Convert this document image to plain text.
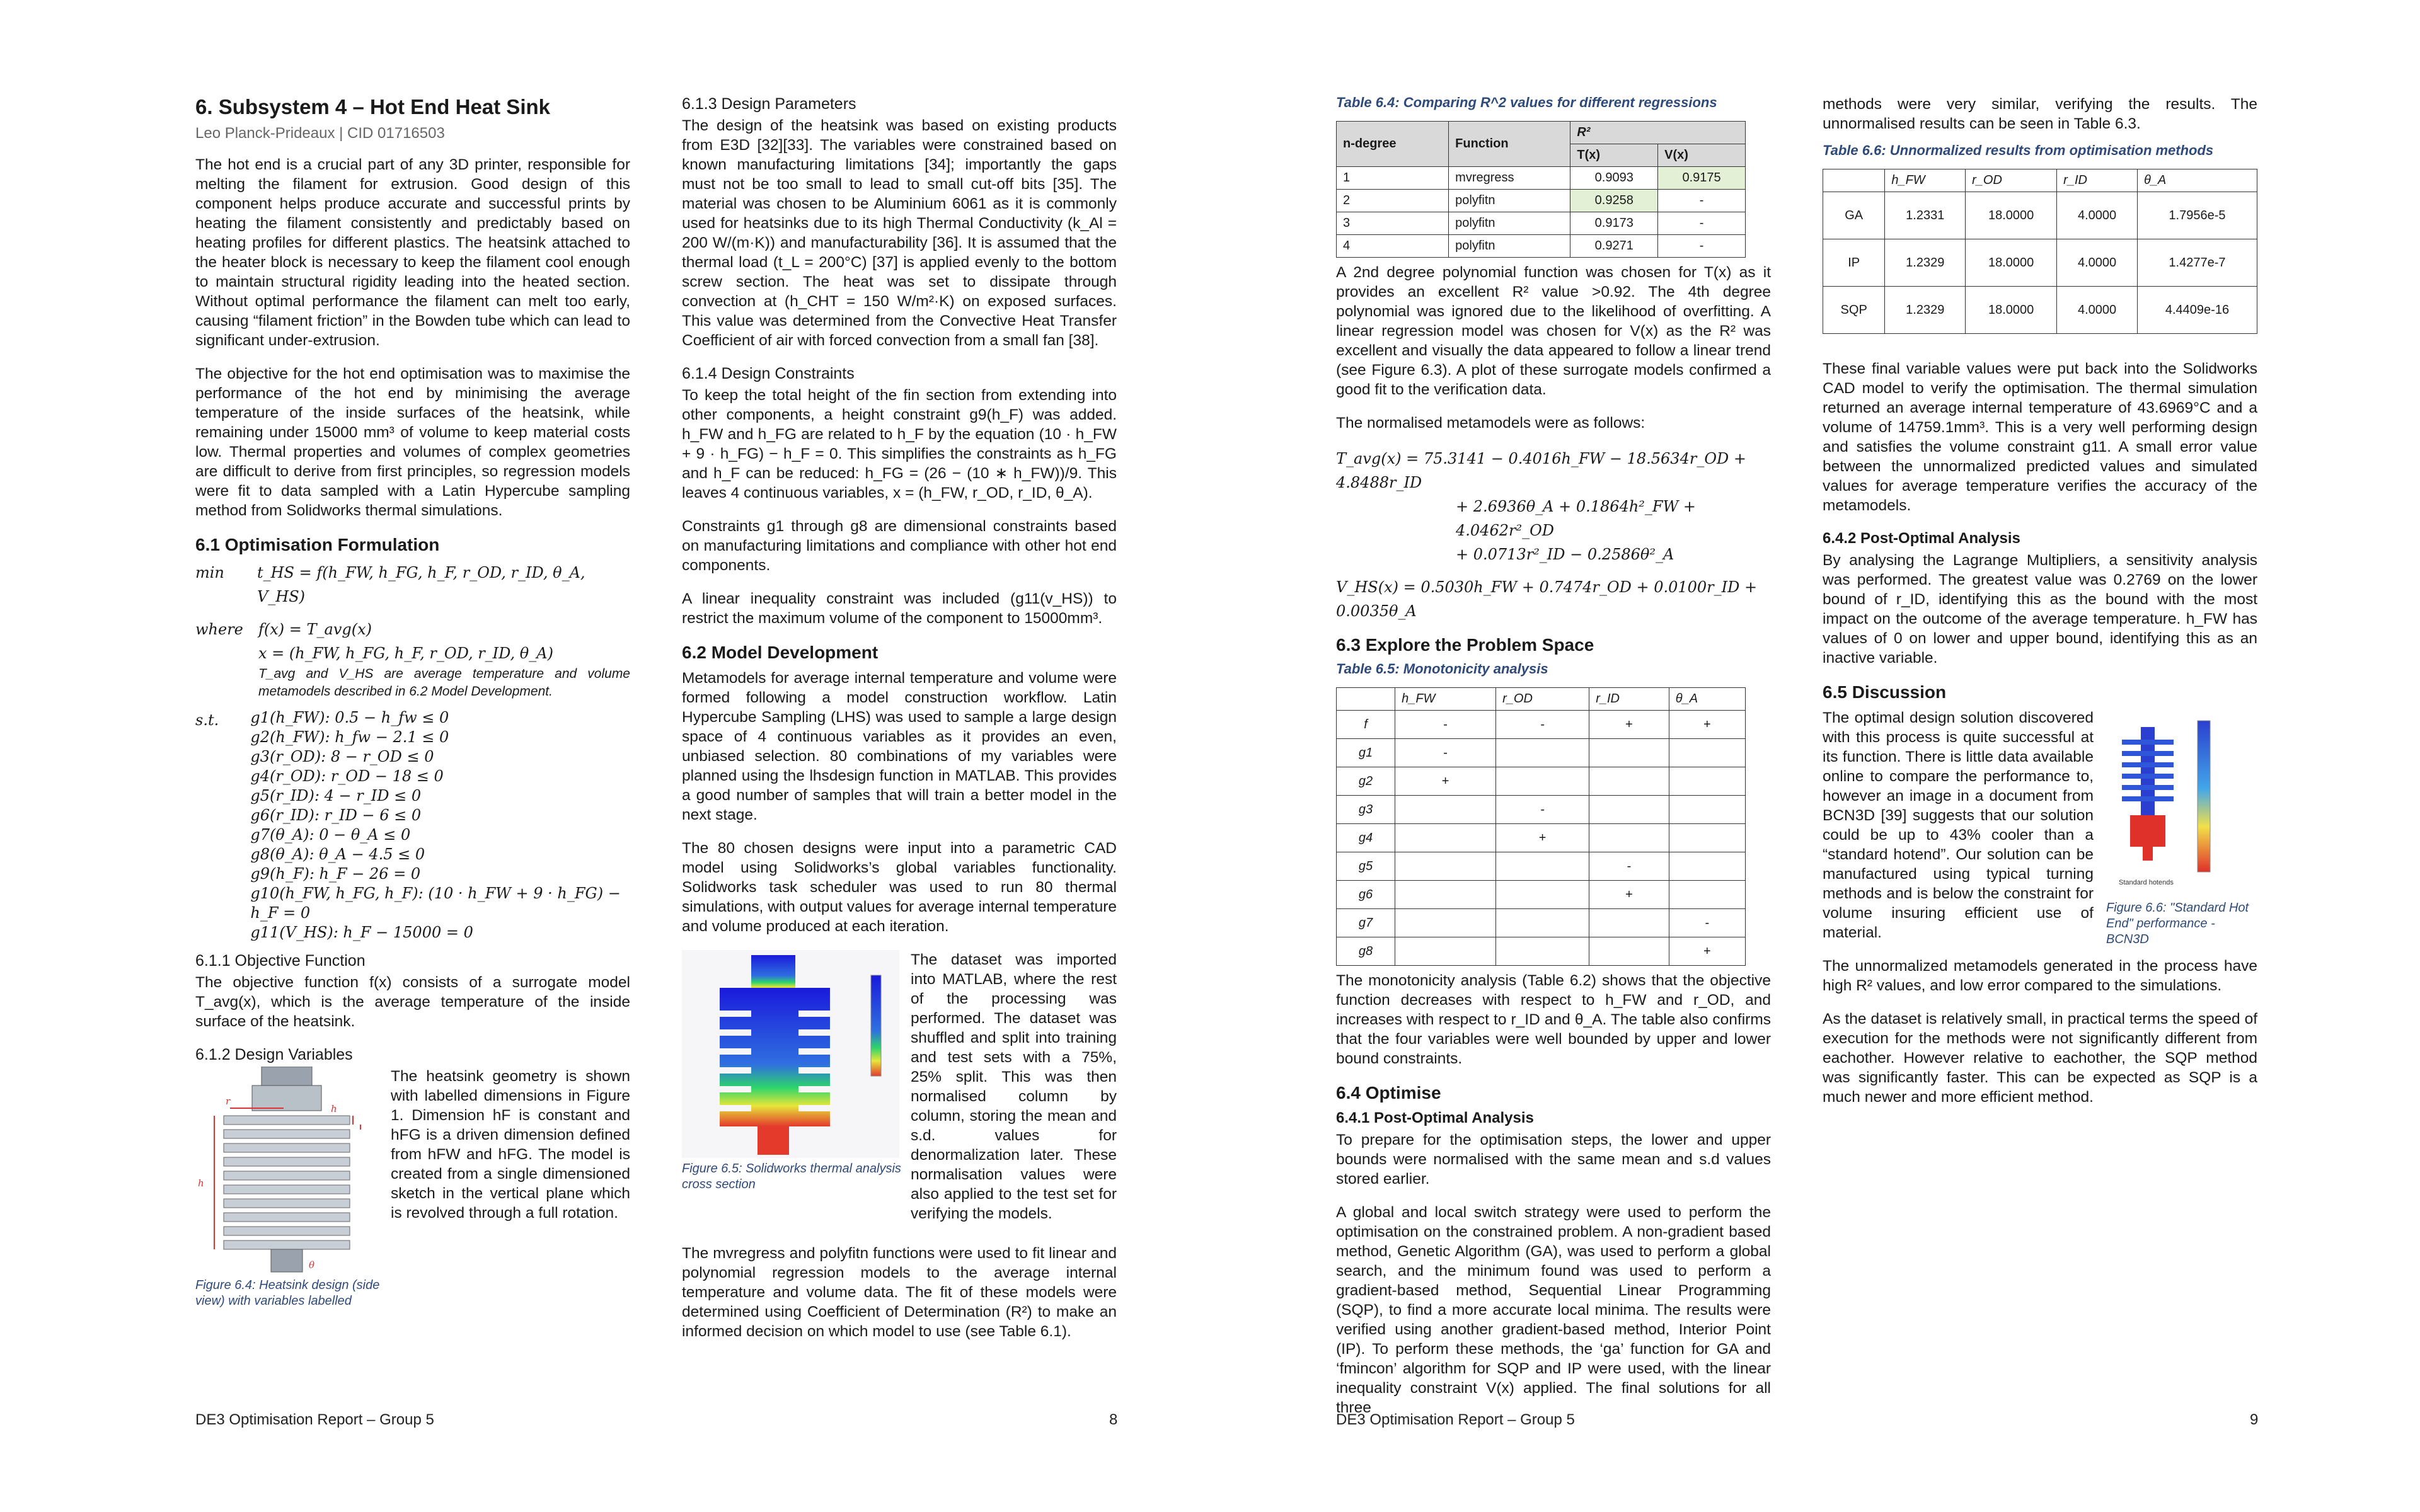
6. Subsystem 4 – Hot End Heat Sink
Leo Planck-Prideaux | CID 01716503

The hot end is a crucial part of any 3D printer, responsible for melting the filament for extrusion. Good design of this component helps produce accurate and successful prints by heating the filament consistently and predictably based on heating profiles for different plastics. The heatsink attached to the heater block is necessary to keep the filament cool enough to maintain structural rigidity leading into the heated section. Without optimal performance the filament can melt too early, causing “filament friction” in the Bowden tube which can lead to significant under-extrusion.

The objective for the hot end optimisation was to maximise the performance of the hot end by minimising the average temperature of the inside surfaces of the heatsink, while remaining under 15000 mm³ of volume to keep material costs low. Thermal properties and volumes of complex geometries are difficult to derive from first principles, so regression models were fit to data sampled with a Latin Hypercube sampling method from Solidworks thermal simulations.

6.1 Optimisation Formulation
min	t_HS = f(h_FW, h_FG, h_F, r_OD, r_ID, θ_A, V_HS)
where	f(x) = T_avg(x)
x = (h_FW, h_FG, h_F, r_OD, r_ID, θ_A)
T_avg and V_HS are average temperature and volume metamodels described in 6.2 Model Development.
s.t.	g1(h_FW): 0.5 − h_fw ≤ 0
g2(h_FW): h_fw − 2.1 ≤ 0
g3(r_OD): 8 − r_OD ≤ 0
g4(r_OD): r_OD − 18 ≤ 0
g5(r_ID): 4 − r_ID ≤ 0
g6(r_ID): r_ID − 6 ≤ 0
g7(θ_A): 0 − θ_A ≤ 0
g8(θ_A): θ_A − 4.5 ≤ 0
g9(h_F): h_F − 26 = 0
g10(h_FW, h_FG, h_F): (10 · h_FW + 9 · h_FG) − h_F = 0
g11(V_HS): h_F − 15000 = 0
6.1.1 Objective Function

The objective function f(x) consists of a surrogate model T_avg(x), which is the average temperature of the inside surface of the heatsink.

6.1.2 Design Variables
r
h
h
θ
Figure 6.4: Heatsink design (side view) with variables labelled

The heatsink geometry is shown with labelled dimensions in Figure 1. Dimension hF is constant and hFG is a driven dimension defined from hFW and hFG. The model is created from a single dimensioned sketch in the vertical plane which is revolved through a full rotation.

6.1.3 Design Parameters

The design of the heatsink was based on existing products from E3D [32][33]. The variables were constrained based on known manufacturing limitations [34]; importantly the gaps must not be too small to lead to small cut-off bits [35]. The material was chosen to be Aluminium 6061 as it is commonly used for heatsinks due to its high Thermal Conductivity (k_Al = 200 W/(m·K)) and manufacturability [36]. It is assumed that the thermal load (t_L = 200°C) [37] is applied evenly to the bottom screw section. The heat was set to dissipate through convection at (h_CHT = 150 W/m²·K) on exposed surfaces. This value was determined from the Convective Heat Transfer Coefficient of air with forced convection from a small fan [38].

6.1.4 Design Constraints

To keep the total height of the fin section from extending into other components, a height constraint g9(h_F) was added. h_FW and h_FG are related to h_F by the equation (10 · h_FW + 9 · h_FG) − h_F = 0. This simplifies the constraints as h_FG and h_F can be reduced: h_FG = (26 − (10 ∗ h_FW))/9. This leaves 4 continuous variables, x = (h_FW, r_OD, r_ID, θ_A).

Constraints g1 through g8 are dimensional constraints based on manufacturing limitations and compliance with other hot end components.

A linear inequality constraint was included (g11(v_HS)) to restrict the maximum volume of the component to 15000mm³.

6.2 Model Development

Metamodels for average internal temperature and volume were formed following a model construction workflow. Latin Hypercube Sampling (LHS) was used to sample a large design space of 4 continuous variables as it provides an even, unbiased selection. 80 combinations of my variables were planned using the lhsdesign function in MATLAB. This provides a good number of samples that will train a better model in the next stage.

The 80 chosen designs were input into a parametric CAD model using Solidworks’s global variables functionality. Solidworks task scheduler was used to run 80 thermal simulations, with output values for average internal temperature and volume produced at each iteration.

Figure 6.5: Solidworks thermal analysis cross section

The dataset was imported into MATLAB, where the rest of the processing was performed. The dataset was shuffled and split into training and test sets with a 75%, 25% split. This was then normalised column by column, storing the mean and s.d. values for denormalization later. These normalisation values were also applied to the test set for verifying the models.

The mvregress and polyfitn functions were used to fit linear and polynomial regression models to the average internal temperature and volume data. The fit of these models were determined using Coefficient of Determination (R²) to make an informed decision on which model to use (see Table 6.1).

DE3 Optimisation Report – Group 5	8
Table 6.4: Comparing R^2 values for different regressions
n-degree	Function	R²	
		T(x)	V(x)
1	mvregress	0.9093	0.9175
2	polyfitn	0.9258	-
3	polyfitn	0.9173	-
4	polyfitn	0.9271	-

A 2nd degree polynomial function was chosen for T(x) as it provides an excellent R² value >0.92. The 4th degree polynomial was ignored due to the likelihood of overfitting. A linear regression model was chosen for V(x) as the R² was excellent and visually the data appeared to follow a linear trend (see Figure 6.3). A plot of these surrogate models confirmed a good fit to the verification data.

The normalised metamodels were as follows:

T_avg(x) = 75.3141 − 0.4016h_FW − 18.5634r_OD + 4.8488r_ID
+ 2.6936θ_A + 0.1864h²_FW + 4.0462r²_OD
+ 0.0713r²_ID − 0.2586θ²_A
V_HS(x) = 0.5030h_FW + 0.7474r_OD + 0.0100r_ID + 0.0035θ_A
6.3 Explore the Problem Space
Table 6.5: Monotonicity analysis
	h_FW	r_OD	r_ID	θ_A
f	-	-	+	+
g1	-			
g2	+			
g3		-		
g4		+		
g5			-	
g6			+	
g7				-
g8				+

The monotonicity analysis (Table 6.2) shows that the objective function decreases with respect to h_FW and r_OD, and increases with respect to r_ID and θ_A. The table also confirms that the four variables were well bounded by upper and lower bound constraints.

6.4 Optimise
6.4.1 Post-Optimal Analysis

To prepare for the optimisation steps, the lower and upper bounds were normalised with the same mean and s.d values stored earlier.

A global and local switch strategy were used to perform the optimisation on the constrained problem. A non-gradient based method, Genetic Algorithm (GA), was used to perform a global search, and the minimum found was used to perform a gradient-based method, Sequential Linear Programming (SQP), to find a more accurate local minima. The results were verified using another gradient-based method, Interior Point (IP). To perform these methods, the ‘ga’ function for GA and ‘fmincon’ algorithm for SQP and IP were used, with the linear inequality constraint V(x) applied. The final solutions for all three

methods were very similar, verifying the results. The unnormalised results can be seen in Table 6.3.

Table 6.6: Unnormalized results from optimisation methods
	h_FW	r_OD	r_ID	θ_A
GA	1.2331	18.0000	4.0000	1.7956e-5
IP	1.2329	18.0000	4.0000	1.4277e-7
SQP	1.2329	18.0000	4.0000	4.4409e-16

These final variable values were put back into the Solidworks CAD model to verify the optimisation. The thermal simulation returned an average internal temperature of 43.6969°C and a volume of 14759.1mm³. This is a very well performing design and satisfies the volume constraint g11. A small error value between the unnormalized predicted values and simulated values for average temperature verifies the accuracy of the metamodels.

6.4.2 Post-Optimal Analysis

By analysing the Lagrange Multipliers, a sensitivity analysis was performed. The greatest value was 0.2769 on the lower bound of r_ID, identifying this as the bound with the most impact on the outcome of the average temperature. h_FW has values of 0 on lower and upper bound, identifying this as an inactive variable.

6.5 Discussion

The optimal design solution discovered with this process is quite successful at its function. There is little data available online to compare the performance to, however an image in a document from BCN3D [39] suggests that our solution could be up to 43% cooler than a “standard hotend”. Our solution can be manufactured using typical turning methods and is below the constraint for volume insuring efficient use of material.

Standard hotends
Figure 6.6: "Standard Hot End" performance - BCN3D

The unnormalized metamodels generated in the process have high R² values, and low error compared to the simulations.

As the dataset is relatively small, in practical terms the speed of execution for the methods were not significantly different from eachother. However relative to eachother, the SQP method was significantly faster. This can be expected as SQP is a much newer and more efficient method.

DE3 Optimisation Report – Group 5	9
